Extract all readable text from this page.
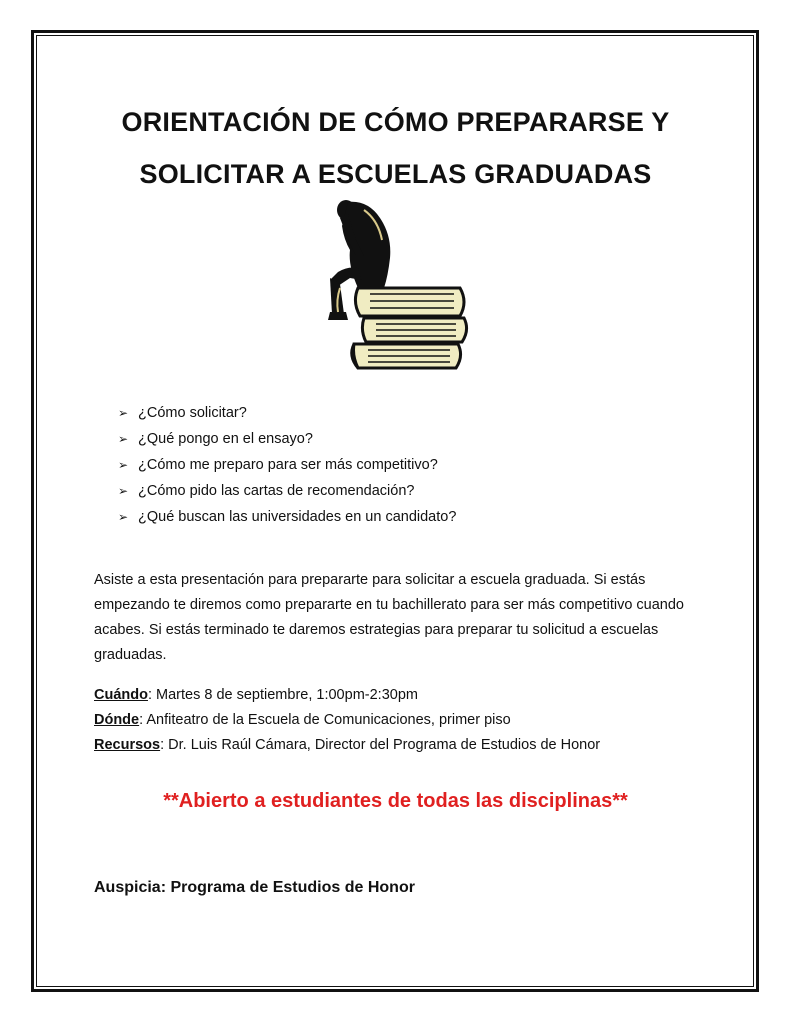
ORIENTACIÓN DE CÓMO PREPARARSE Y
SOLICITAR A ESCUELAS GRADUADAS
➢ ¿Cómo solicitar?
➢ ¿Qué pongo en el ensayo?
➢ ¿Cómo me preparo para ser más competitivo?
➢ ¿Cómo pido las cartas de recomendación?
➢ ¿Qué buscan las universidades en un candidato?

Asiste a esta presentación para prepararte para solicitar a escuela graduada. Si estás empezando te diremos como prepararte en tu bachillerato para ser más competitivo cuando acabes. Si estás terminado te daremos estrategias para preparar tu solicitud a escuelas graduadas.

Cuándo: Martes 8 de septiembre, 1:00pm-2:30pm
Dónde: Anfiteatro de la Escuela de Comunicaciones, primer piso
Recursos: Dr. Luis Raúl Cámara, Director del Programa de Estudios de Honor

**Abierto a estudiantes de todas las disciplinas**

Auspicia: Programa de Estudios de Honor
